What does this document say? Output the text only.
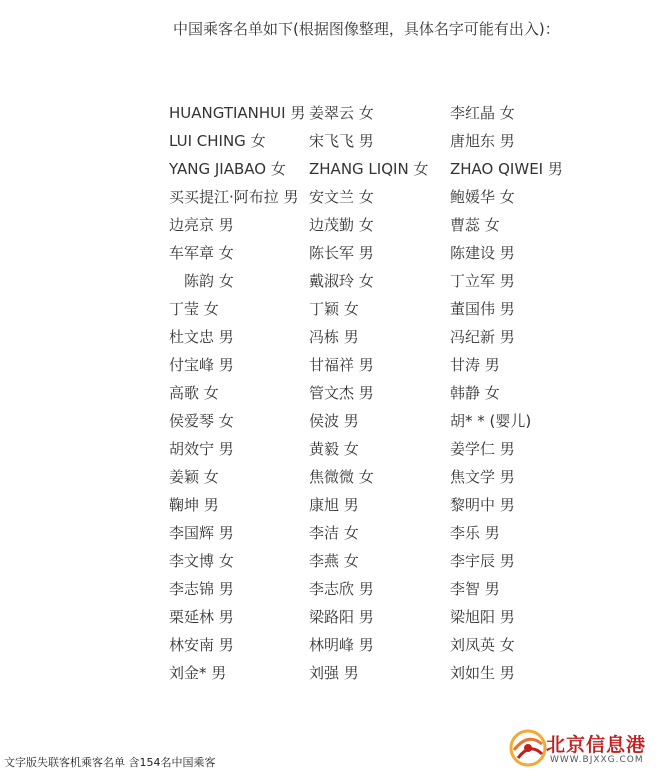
中国乘客名单如下(根据图像整理，具体名字可能有出入)：
HUANGTIANHUI 男 姜翠云 女	李红晶 女
LUI CHING 女	宋飞飞 男	唐旭东 男
YANG JIABAO 女	ZHANG LIQIN 女	ZHAO QIWEI 男
买买提江·阿布拉 男 安文兰 女	鲍媛华 女
边亮京 男	边茂勤 女	曹蕊 女
车军章 女	陈长军 男	陈建设 男
　陈韵 女	戴淑玲 女	丁立军 男
丁莹 女	丁颖 女	董国伟 男
杜文忠 男	冯栋 男	冯纪新 男
付宝峰 男	甘福祥 男	甘涛 男
高歌 女	管文杰 男	韩静 女
侯爱琴 女	侯波 男	胡* * (婴儿)
胡效宁 男	黄毅 女	姜学仁 男
姜颖 女	焦微微 女	焦文学 男
鞠坤 男	康旭 男	黎明中 男
李国辉 男	李洁 女	李乐 男
李文博 女	李燕 女	李宇辰 男
李志锦 男	李志欣 男	李智 男
栗延林 男	梁路阳 男	梁旭阳 男
林安南 男	林明峰 男	刘凤英 女
刘金* 男	刘强 男	刘如生 男
文字版失联客机乘客名单 含154名中国乘客
北京信息港
WWW.BJXXG.COM
